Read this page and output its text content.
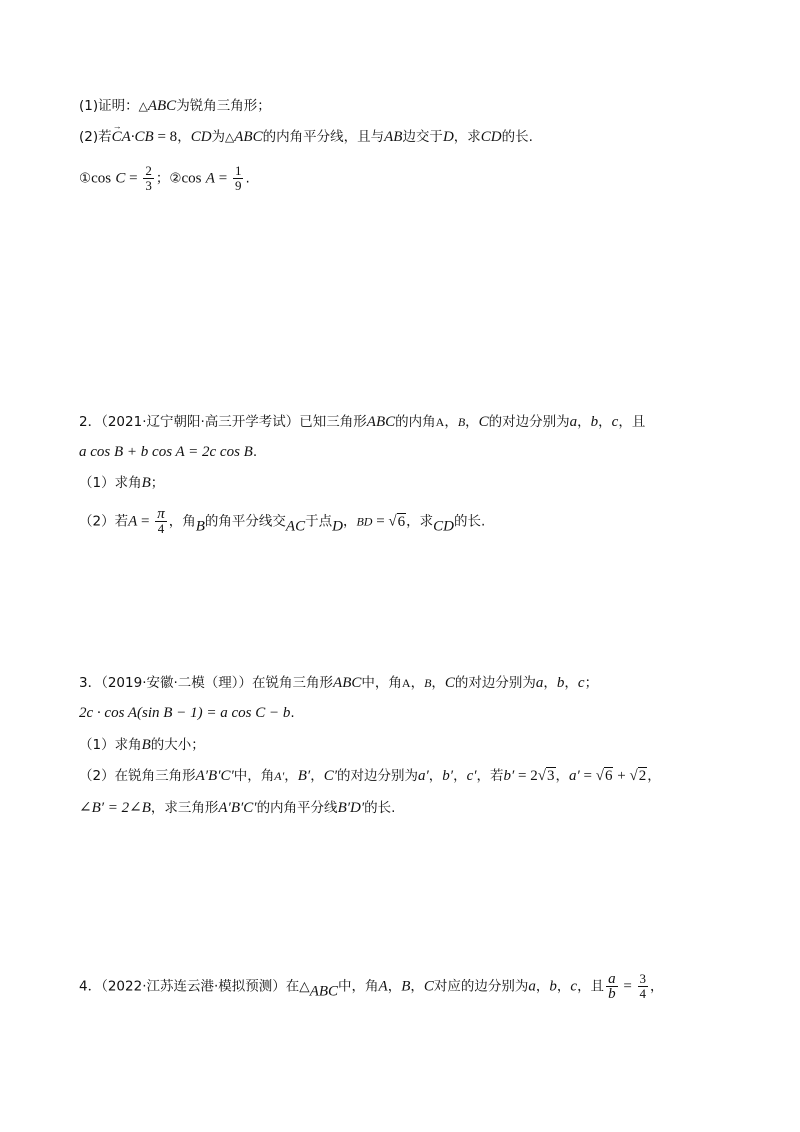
(1)证明：△ABC为锐角三角形；
(2)若CA·CB → = 8，CD为△ABC的内角平分线，且与AB边交于D，求CD的长.
①cos $C = \frac{2}{3}$ ；②cos $A = \frac{1}{9}$ .
2．（2021·辽宁朝阳·高三开学考试）已知三角形ABC的内角A，B，C的对边分别为a，b，c，且
a cos B + b cos A = 2c cos B.
（1）求角B；
（2）若$A = \frac{\pi}{4}$ ，角B的角平分线交AC于点D，BD = √6，求CD的长.
3．（2019·安徽·二模（理））在锐角三角形ABC中，角A，B，C的对边分别为a，b，c；
2c · cos A(sin B − 1) = a cos C − b.
（1）求角B的大小；
（2）在锐角三角形A′B′C′中，角A′，B′，C′的对边分别为a′，b′，c′，若b′ = 2√3，a′ = √6 + √2，
∠B′ = 2∠B，求三角形A′B′C′的内角平分线B′D′的长.
4．（2022·江苏连云港·模拟预测）在△ABC中，角A，B，C对应的边分别为a，b，c，且 $\frac{a}{b} = \frac{3}{4}$ ，
